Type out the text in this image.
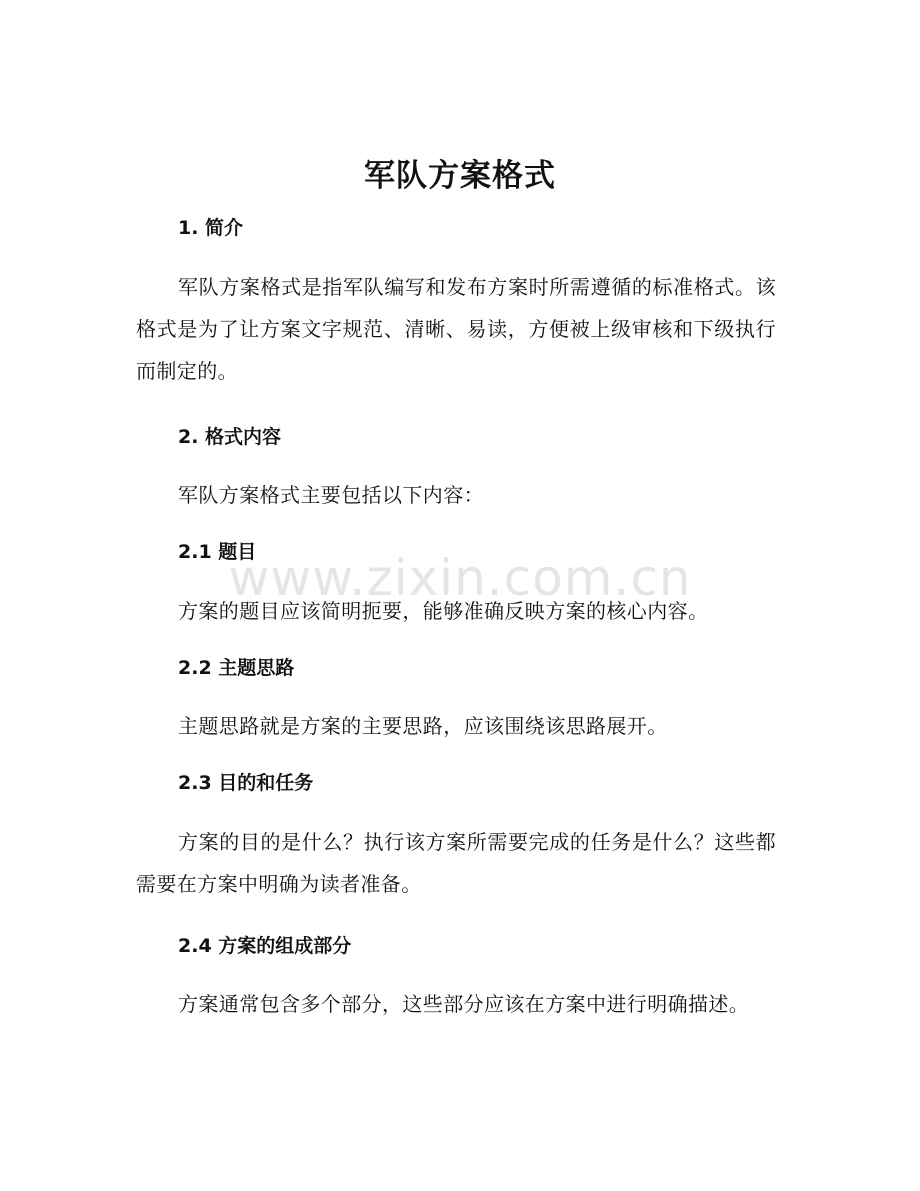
军队方案格式
1. 简介
军队方案格式是指军队编写和发布方案时所需遵循的标准格式。该格式是为了让方案文字规范、清晰、易读，方便被上级审核和下级执行而制定的。
2. 格式内容
军队方案格式主要包括以下内容：
2.1 题目
方案的题目应该简明扼要，能够准确反映方案的核心内容。
2.2 主题思路
主题思路就是方案的主要思路，应该围绕该思路展开。
2.3 目的和任务
方案的目的是什么？执行该方案所需要完成的任务是什么？这些都需要在方案中明确为读者准备。
2.4 方案的组成部分
方案通常包含多个部分，这些部分应该在方案中进行明确描述。
www.zixin.com.cn
